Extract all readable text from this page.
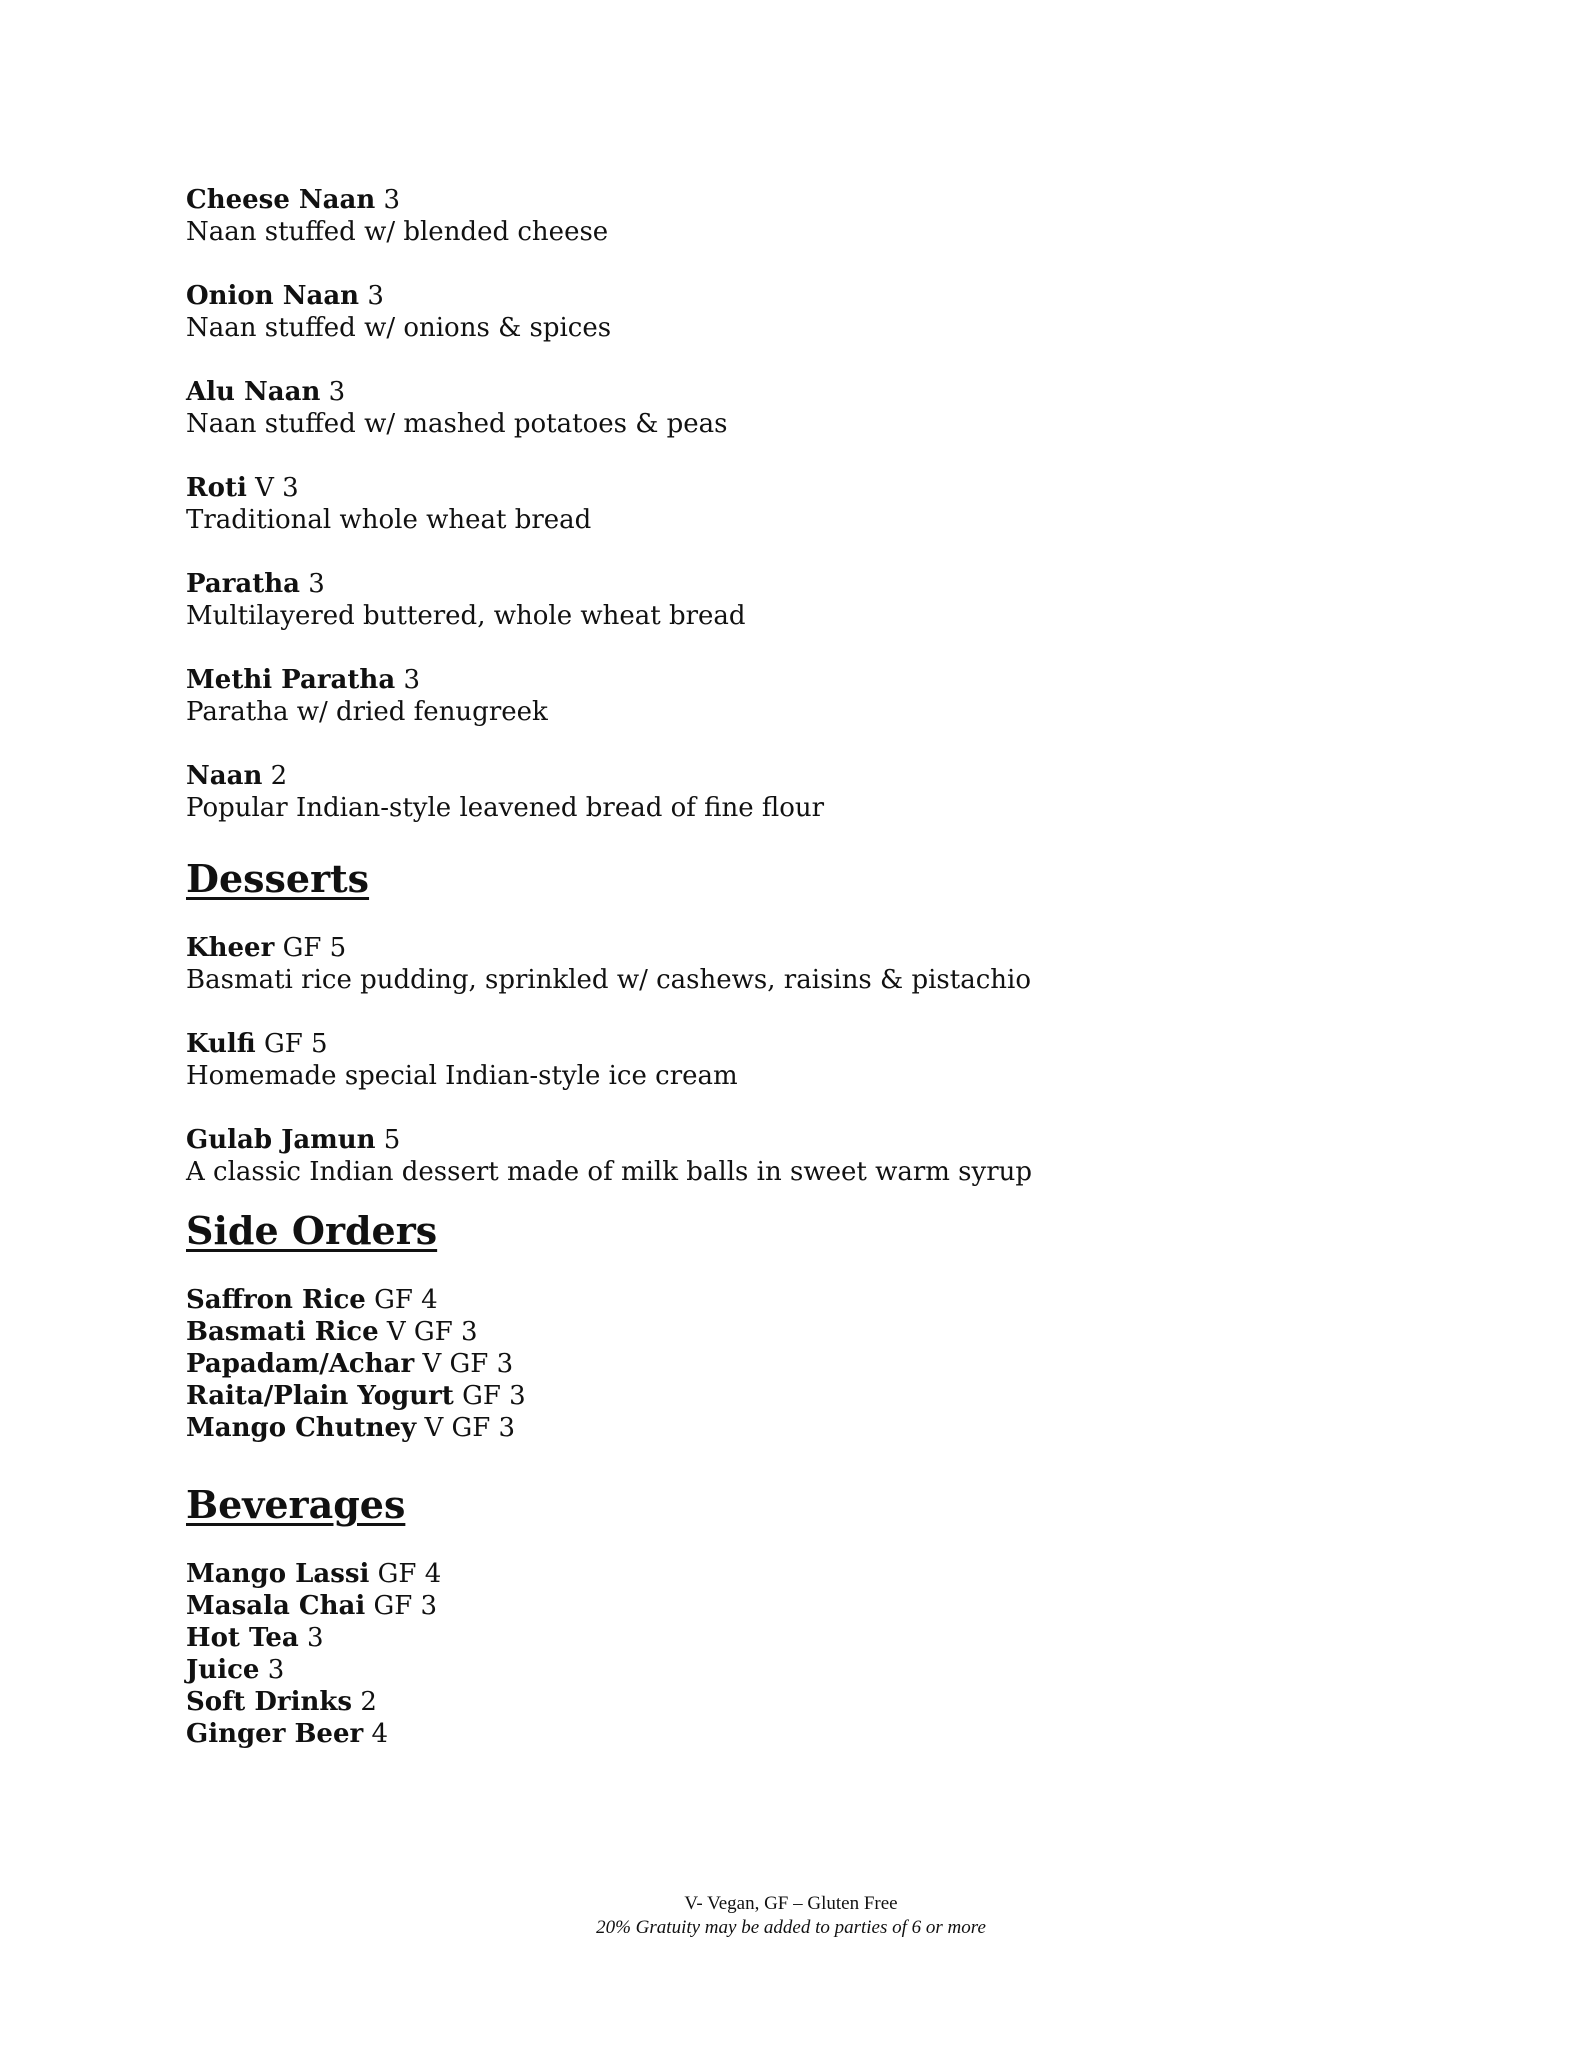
Cheese Naan 3
Naan stuffed w/ blended cheese
Onion Naan 3
Naan stuffed w/ onions & spices
Alu Naan 3
Naan stuffed w/ mashed potatoes & peas
Roti V 3
Traditional whole wheat bread
Paratha 3
Multilayered buttered, whole wheat bread
Methi Paratha 3
Paratha w/ dried fenugreek
Naan 2
Popular Indian-style leavened bread of fine flour
Desserts
Kheer GF 5
Basmati rice pudding, sprinkled w/ cashews, raisins & pistachio
Kulfi GF 5
Homemade special Indian-style ice cream
Gulab Jamun 5
A classic Indian dessert made of milk balls in sweet warm syrup
Side Orders
Saffron Rice GF 4
Basmati Rice V GF 3
Papadam/Achar V GF 3
Raita/Plain Yogurt GF 3
Mango Chutney V GF 3
Beverages
Mango Lassi GF 4
Masala Chai GF 3
Hot Tea 3
Juice 3
Soft Drinks 2
Ginger Beer 4
V- Vegan, GF – Gluten Free
20% Gratuity may be added to parties of 6 or more
